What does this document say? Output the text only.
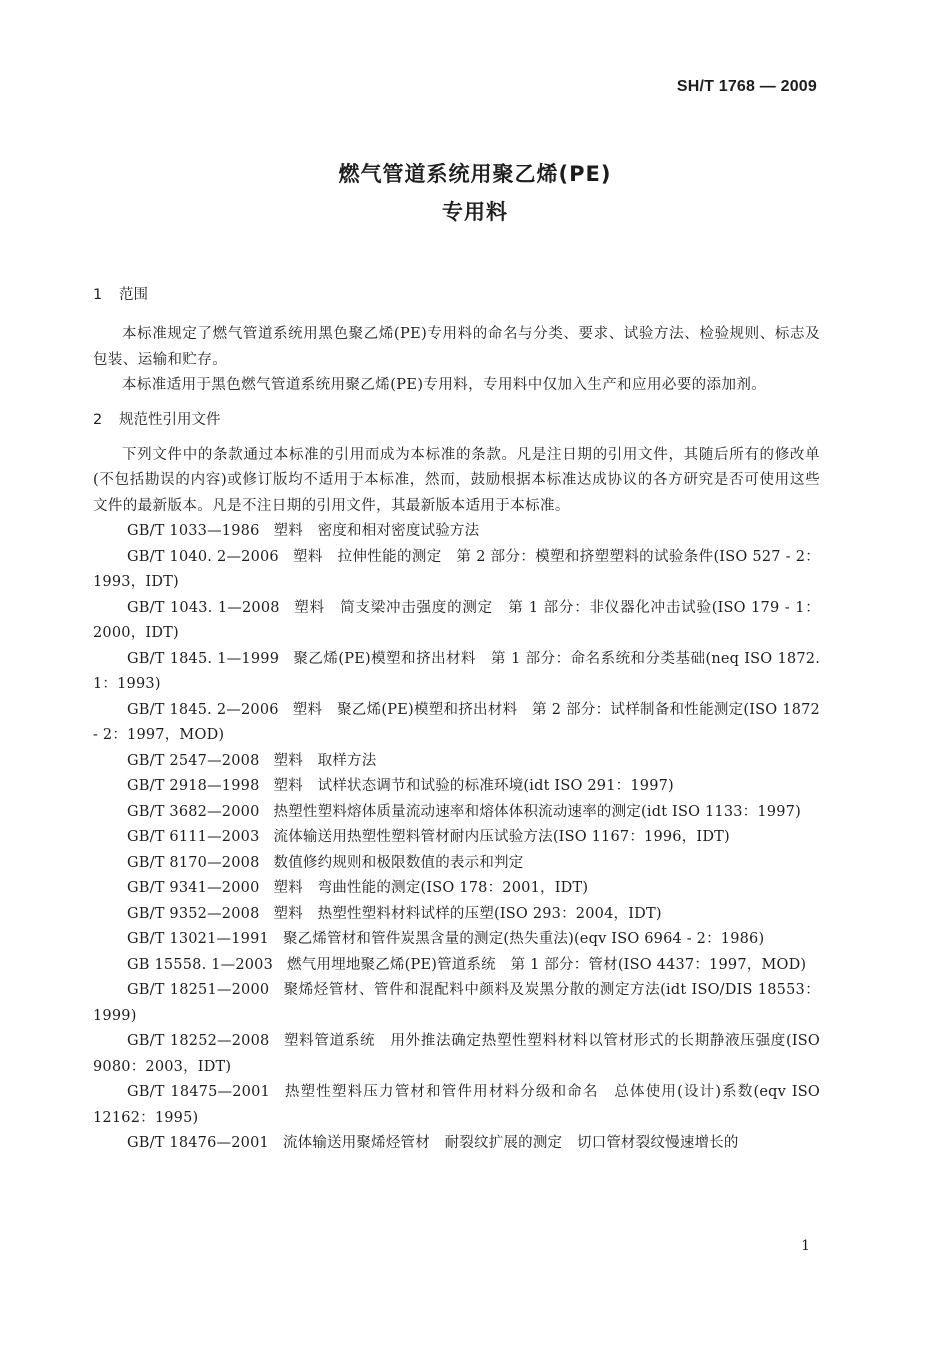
SH/T 1768 — 2009
燃气管道系统用聚乙烯(PE)
专用料
1 范围

本标准规定了燃气管道系统用黑色聚乙烯(PE)专用料的命名与分类、要求、试验方法、检验规则、标志及包装、运输和贮存。

本标准适用于黑色燃气管道系统用聚乙烯(PE)专用料，专用料中仅加入生产和应用必要的添加剂。

2 规范性引用文件

下列文件中的条款通过本标准的引用而成为本标准的条款。凡是注日期的引用文件，其随后所有的修改单(不包括勘误的内容)或修订版均不适用于本标准，然而，鼓励根据本标准达成协议的各方研究是否可使用这些文件的最新版本。凡是不注日期的引用文件，其最新版本适用于本标准。

GB/T 1033—1986 塑料　密度和相对密度试验方法

GB/T 1040. 2—2006 塑料　拉伸性能的测定　第 2 部分：模塑和挤塑塑料的试验条件(ISO 527 - 2：1993，IDT)

GB/T 1043. 1—2008 塑料　简支梁冲击强度的测定　第 1 部分：非仪器化冲击试验(ISO 179 - 1：2000，IDT)

GB/T 1845. 1—1999 聚乙烯(PE)模塑和挤出材料　第 1 部分：命名系统和分类基础(neq ISO 1872. 1：1993)

GB/T 1845. 2—2006 塑料　聚乙烯(PE)模塑和挤出材料　第 2 部分：试样制备和性能测定(ISO 1872 - 2：1997，MOD)

GB/T 2547—2008 塑料　取样方法

GB/T 2918—1998 塑料　试样状态调节和试验的标准环境(idt ISO 291：1997)

GB/T 3682—2000 热塑性塑料熔体质量流动速率和熔体体积流动速率的测定(idt ISO 1133：1997)

GB/T 6111—2003 流体输送用热塑性塑料管材耐内压试验方法(ISO 1167：1996，IDT)

GB/T 8170—2008 数值修约规则和极限数值的表示和判定

GB/T 9341—2000 塑料　弯曲性能的测定(ISO 178：2001，IDT)

GB/T 9352—2008 塑料　热塑性塑料材料试样的压塑(ISO 293：2004，IDT)

GB/T 13021—1991 聚乙烯管材和管件炭黑含量的测定(热失重法)(eqv ISO 6964 - 2：1986)

GB 15558. 1—2003 燃气用埋地聚乙烯(PE)管道系统　第 1 部分：管材(ISO 4437：1997，MOD)

GB/T 18251—2000 聚烯烃管材、管件和混配料中颜料及炭黑分散的测定方法(idt ISO/DIS 18553：1999)

GB/T 18252—2008 塑料管道系统　用外推法确定热塑性塑料材料以管材形式的长期静液压强度(ISO 9080：2003，IDT)

GB/T 18475—2001 热塑性塑料压力管材和管件用材料分级和命名　总体使用(设计)系数(eqv ISO 12162：1995)

GB/T 18476—2001 流体输送用聚烯烃管材　耐裂纹扩展的测定　切口管材裂纹慢速增长的

1
